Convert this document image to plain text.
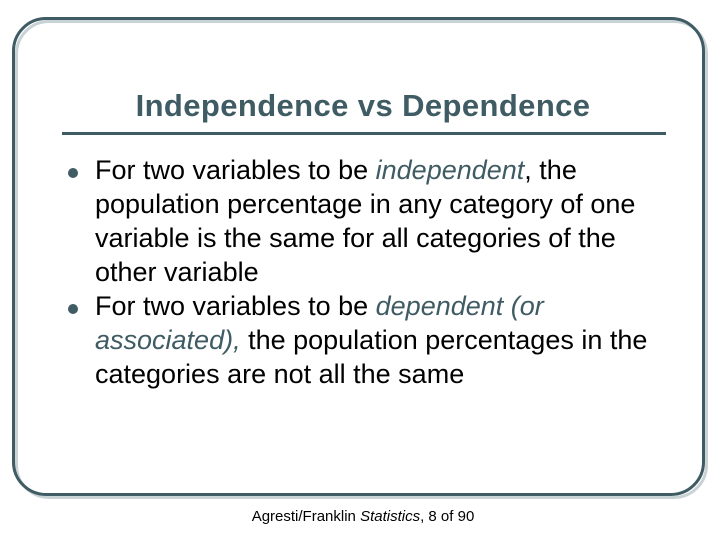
Independence vs Dependence
For two variables to be independent, the population percentage in any category of one variable is the same for all categories of the other variable
For two variables to be dependent (or associated), the population percentages in the categories are not all the same
Agresti/Franklin Statistics, 8 of 90
